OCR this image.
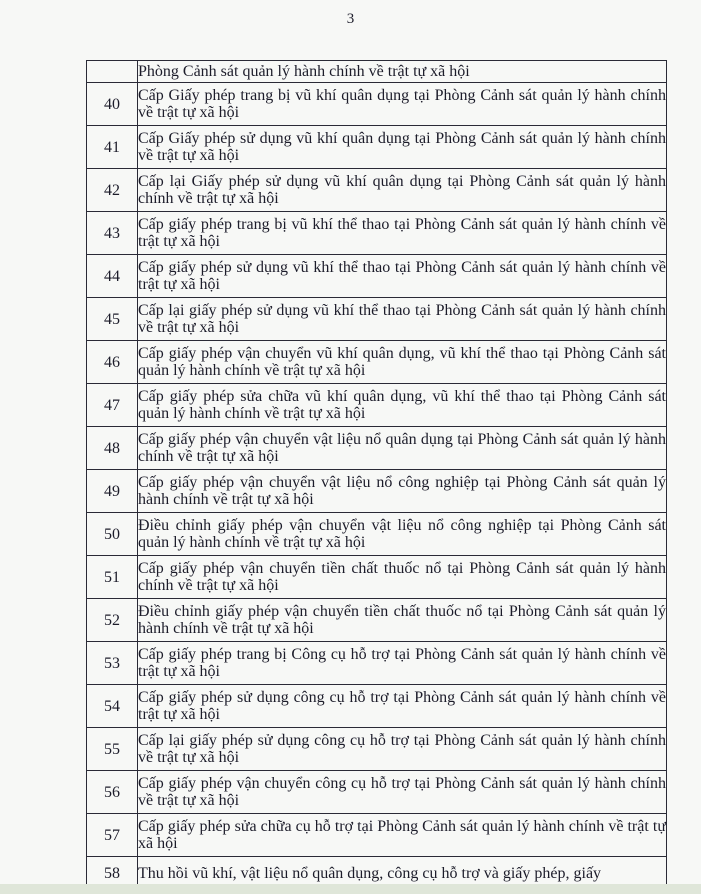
3
	Phòng Cảnh sát quản lý hành chính về trật tự xã hội
40	Cấp Giấy phép trang bị vũ khí quân dụng tại Phòng Cảnh sát quản lý hành chính về trật tự xã hội
41	Cấp Giấy phép sử dụng vũ khí quân dụng tại Phòng Cảnh sát quản lý hành chính về trật tự xã hội
42	Cấp lại Giấy phép sử dụng vũ khí quân dụng tại Phòng Cảnh sát quản lý hành chính về trật tự xã hội
43	Cấp giấy phép trang bị vũ khí thể thao tại Phòng Cảnh sát quản lý hành chính về trật tự xã hội
44	Cấp giấy phép sử dụng vũ khí thể thao tại Phòng Cảnh sát quản lý hành chính về trật tự xã hội
45	Cấp lại giấy phép sử dụng vũ khí thể thao tại Phòng Cảnh sát quản lý hành chính về trật tự xã hội
46	Cấp giấy phép vận chuyển vũ khí quân dụng, vũ khí thể thao tại Phòng Cảnh sát quản lý hành chính về trật tự xã hội
47	Cấp giấy phép sửa chữa vũ khí quân dụng, vũ khí thể thao tại Phòng Cảnh sát quản lý hành chính về trật tự xã hội
48	Cấp giấy phép vận chuyển vật liệu nổ quân dụng tại Phòng Cảnh sát quản lý hành chính về trật tự xã hội
49	Cấp giấy phép vận chuyển vật liệu nổ công nghiệp tại Phòng Cảnh sát quản lý hành chính về trật tự xã hội
50	Điều chỉnh giấy phép vận chuyển vật liệu nổ công nghiệp tại Phòng Cảnh sát quản lý hành chính về trật tự xã hội
51	Cấp giấy phép vận chuyển tiền chất thuốc nổ tại Phòng Cảnh sát quản lý hành chính về trật tự xã hội
52	Điều chỉnh giấy phép vận chuyển tiền chất thuốc nổ tại Phòng Cảnh sát quản lý hành chính về trật tự xã hội
53	Cấp giấy phép trang bị Công cụ hỗ trợ tại Phòng Cảnh sát quản lý hành chính về trật tự xã hội
54	Cấp giấy phép sử dụng công cụ hỗ trợ tại Phòng Cảnh sát quản lý hành chính về trật tự xã hội
55	Cấp lại giấy phép sử dụng công cụ hỗ trợ tại Phòng Cảnh sát quản lý hành chính về trật tự xã hội
56	Cấp giấy phép vận chuyển công cụ hỗ trợ tại Phòng Cảnh sát quản lý hành chính về trật tự xã hội
57	Cấp giấy phép sửa chữa cụ hỗ trợ tại Phòng Cảnh sát quản lý hành chính về trật tự xã hội
58	Thu hồi vũ khí, vật liệu nổ quân dụng, công cụ hỗ trợ và giấy phép, giấy
